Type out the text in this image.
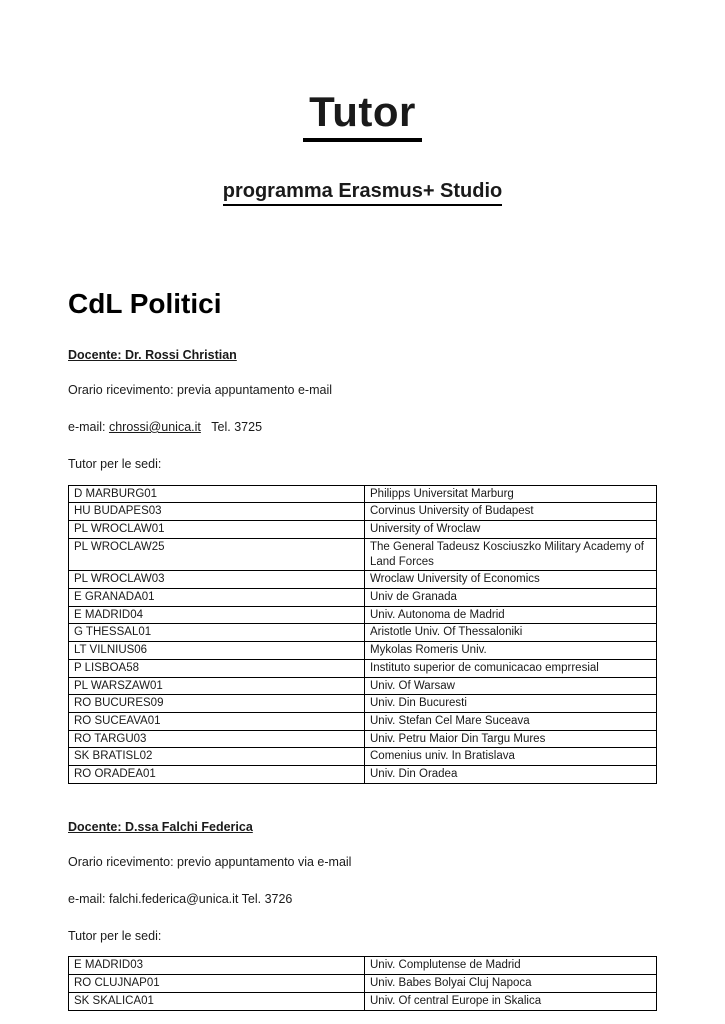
Tutor
programma Erasmus+ Studio
CdL Politici
Docente: Dr. Rossi Christian
Orario ricevimento: previa appuntamento e-mail
e-mail: chrossi@unica.it   Tel. 3725
Tutor per le sedi:
D MARBURG01	Philipps Universitat Marburg
HU BUDAPES03	Corvinus University of Budapest
PL WROCLAW01	University of Wroclaw
PL WROCLAW25	The General Tadeusz Kosciuszko Military Academy of Land Forces
PL WROCLAW03	Wroclaw University of Economics
E GRANADA01	Univ de Granada
E MADRID04	Univ. Autonoma de Madrid
G THESSAL01	Aristotle Univ. Of Thessaloniki
LT VILNIUS06	Mykolas Romeris Univ.
P LISBOA58	Instituto superior de comunicacao emprresial
PL WARSZAW01	Univ. Of Warsaw
RO BUCURES09	Univ. Din Bucuresti
RO SUCEAVA01	Univ. Stefan Cel Mare Suceava
RO TARGU03	Univ. Petru Maior Din Targu Mures
SK BRATISL02	Comenius univ. In Bratislava
RO ORADEA01	Univ. Din Oradea
Docente: D.ssa Falchi Federica
Orario ricevimento: previo appuntamento via e-mail
e-mail: falchi.federica@unica.it Tel. 3726
Tutor per le sedi:
E MADRID03	Univ. Complutense de Madrid
RO CLUJNAP01	Univ. Babes Bolyai Cluj Napoca
SK SKALICA01	Univ. Of central Europe in Skalica
